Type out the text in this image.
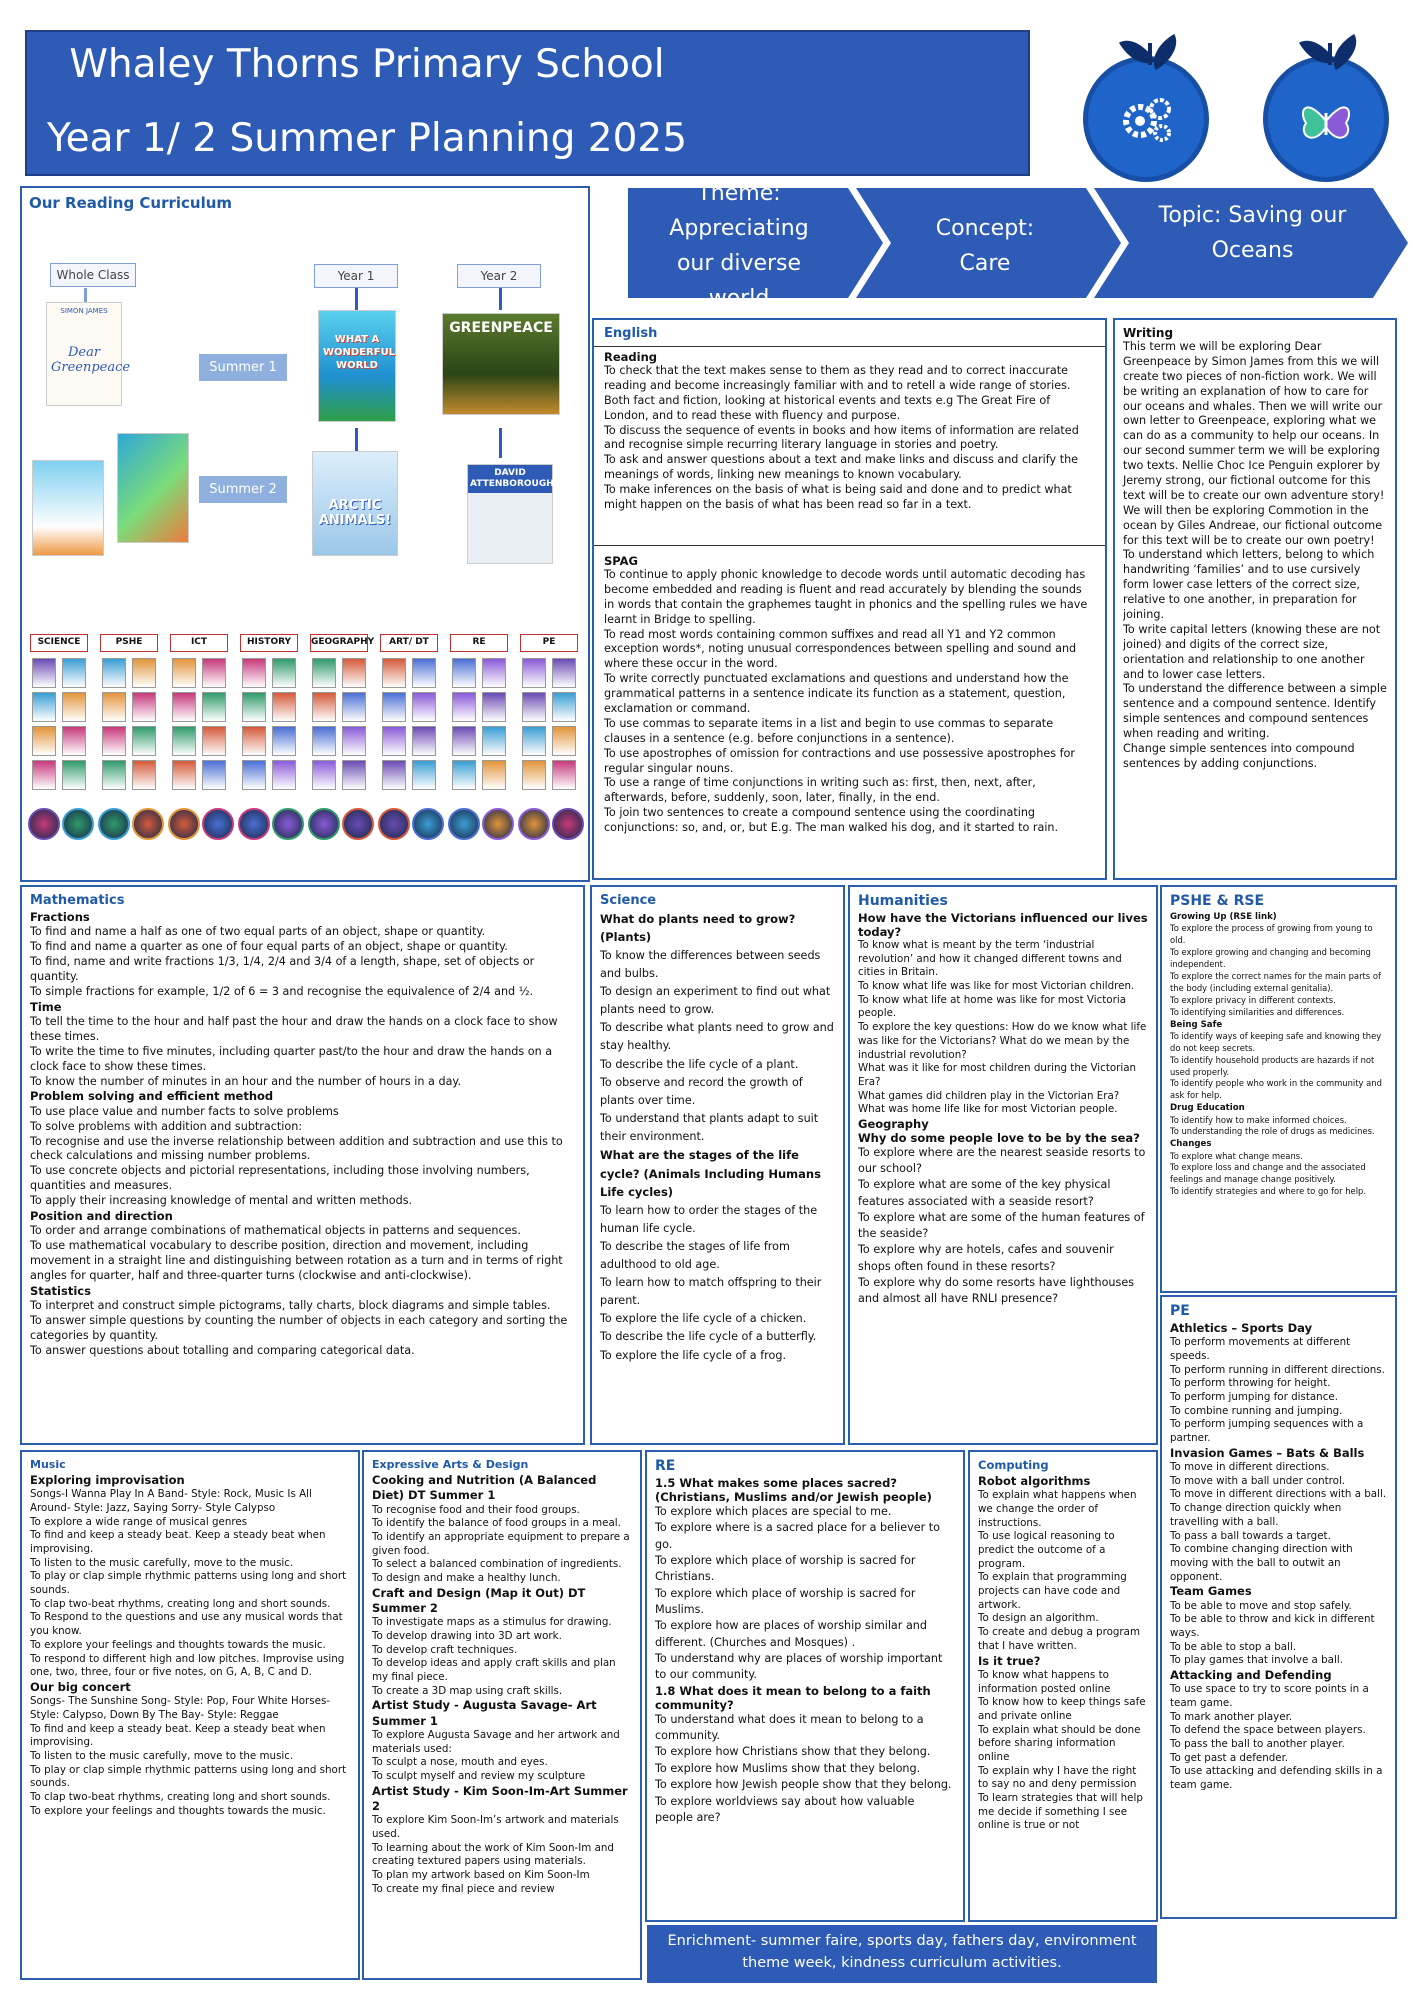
Whaley Thorns Primary School
Year 1/ 2 Summer Planning 2025
Theme: Appreciating our diverse world
Concept: Care
Topic: Saving our Oceans
Our Reading Curriculum
Whole Class	Year 1	Year 2
SIMON JAMES
Dear Greenpeace
GREENPEACE
WHAT A WONDERFUL WORLD
Summer 1
Summer 2
ARCTIC ANIMALS!
DAVID ATTENBOROUGH
SCIENCE	PSHE	ICT	HISTORY	GEOGRAPHY	ART/ DT	RE	PE
English
Reading
To check that the text makes sense to them as they read and to correct inaccurate reading and become increasingly familiar with and to retell a wide range of stories. Both fact and fiction, looking at historical events and texts e.g The Great Fire of London, and to read these with fluency and purpose.
To discuss the sequence of events in books and how items of information are related and recognise simple recurring literary language in stories and poetry.
To ask and answer questions about a text and make links and discuss and clarify the meanings of words, linking new meanings to known vocabulary.
To make inferences on the basis of what is being said and done and to predict what might happen on the basis of what has been read so far in a text.
SPAG
To continue to apply phonic knowledge to decode words until automatic decoding has become embedded and reading is fluent and read accurately by blending the sounds in words that contain the graphemes taught in phonics and the spelling rules we have learnt in Bridge to spelling.
To read most words containing common suffixes and read all Y1 and Y2 common exception words*, noting unusual correspondences between spelling and sound and where these occur in the word.
To write correctly punctuated exclamations and questions and understand how the grammatical patterns in a sentence indicate its function as a statement, question, exclamation or command.
To use commas to separate items in a list and begin to use commas to separate clauses in a sentence (e.g. before conjunctions in a sentence).
To use apostrophes of omission for contractions and use possessive apostrophes for regular singular nouns.
To use a range of time conjunctions in writing such as: first, then, next, after, afterwards, before, suddenly, soon, later, finally, in the end.
To join two sentences to create a compound sentence using the coordinating conjunctions: so, and, or, but E.g. The man walked his dog, and it started to rain.
Writing
This term we will be exploring Dear Greenpeace by Simon James from this we will create two pieces of non-fiction work. We will be writing an explanation of how to care for our oceans and whales. Then we will write our own letter to Greenpeace, exploring what we can do as a community to help our oceans. In our second summer term we will be exploring two texts. Nellie Choc Ice Penguin explorer by Jeremy strong, our fictional outcome for this text will be to create our own adventure story! We will then be exploring Commotion in the ocean by Giles Andreae, our fictional outcome for this text will be to create our own poetry!
To understand which letters, belong to which handwriting ‘families’ and to use cursively form lower case letters of the correct size, relative to one another, in preparation for joining.
To write capital letters (knowing these are not joined) and digits of the correct size, orientation and relationship to one another and to lower case letters.
To understand the difference between a simple sentence and a compound sentence. Identify simple sentences and compound sentences when reading and writing.
Change simple sentences into compound sentences by adding conjunctions.
Mathematics
Fractions
To find and name a half as one of two equal parts of an object, shape or quantity.
To find and name a quarter as one of four equal parts of an object, shape or quantity.
To find, name and write fractions 1/3, 1/4, 2/4 and 3/4 of a length, shape, set of objects or quantity.
To simple fractions for example, 1/2 of 6 = 3 and recognise the equivalence of 2/4 and ½.
Time
To tell the time to the hour and half past the hour and draw the hands on a clock face to show these times.
To write the time to five minutes, including quarter past/to the hour and draw the hands on a clock face to show these times.
To know the number of minutes in an hour and the number of hours in a day.
Problem solving and efficient method
To use place value and number facts to solve problems
To solve problems with addition and subtraction:
To recognise and use the inverse relationship between addition and subtraction and use this to check calculations and missing number problems.
To use concrete objects and pictorial representations, including those involving numbers, quantities and measures.
To apply their increasing knowledge of mental and written methods.
Position and direction
To order and arrange combinations of mathematical objects in patterns and sequences.
To use mathematical vocabulary to describe position, direction and movement, including movement in a straight line and distinguishing between rotation as a turn and in terms of right angles for quarter, half and three-quarter turns (clockwise and anti-clockwise).
Statistics
To interpret and construct simple pictograms, tally charts, block diagrams and simple tables.
To answer simple questions by counting the number of objects in each category and sorting the categories by quantity.
To answer questions about totalling and comparing categorical data.
Science
What do plants need to grow? (Plants)
To know the differences between seeds and bulbs.
To design an experiment to find out what plants need to grow.
To describe what plants need to grow and stay healthy.
To describe the life cycle of a plant.
To observe and record the growth of plants over time.
To understand that plants adapt to suit their environment.
What are the stages of the life cycle? (Animals Including Humans Life cycles)
To learn how to order the stages of the human life cycle.
To describe the stages of life from adulthood to old age.
To learn how to match offspring to their parent.
To explore the life cycle of a chicken.
To describe the life cycle of a butterfly.
To explore the life cycle of a frog.
Humanities
How have the Victorians influenced our lives today?
To know what is meant by the term ‘industrial revolution’ and how it changed different towns and cities in Britain.
To know what life was like for most Victorian children.
To know what life at home was like for most Victoria people.
To explore the key questions: How do we know what life was like for the Victorians? What do we mean by the industrial revolution?
What was it like for most children during the Victorian Era?
What games did children play in the Victorian Era?
What was home life like for most Victorian people.
Geography
Why do some people love to be by the sea?
To explore where are the nearest seaside resorts to our school?
To explore what are some of the key physical features associated with a seaside resort?
To explore what are some of the human features of the seaside?
To explore why are hotels, cafes and souvenir shops often found in these resorts?
To explore why do some resorts have lighthouses and almost all have RNLI presence?
PSHE & RSE
Growing Up (RSE link)
To explore the process of growing from young to old.
To explore growing and changing and becoming independent.
To explore the correct names for the main parts of the body (including external genitalia).
To explore privacy in different contexts.
To identifying similarities and differences.
Being Safe
To identify ways of keeping safe and knowing they do not keep secrets.
To identify household products are hazards if not used properly.
To identify people who work in the community and ask for help.
Drug Education
To identify how to make informed choices.
To understanding the role of drugs as medicines.
Changes
To explore what change means.
To explore loss and change and the associated feelings and manage change positively.
To identify strategies and where to go for help.
PE
Athletics – Sports Day
To perform movements at different speeds.
To perform running in different directions.
To perform throwing for height.
To perform jumping for distance.
To combine running and jumping.
To perform jumping sequences with a partner.
Invasion Games – Bats & Balls
To move in different directions.
To move with a ball under control.
To move in different directions with a ball.
To change direction quickly when travelling with a ball.
To pass a ball towards a target.
To combine changing direction with moving with the ball to outwit an opponent.
Team Games
To be able to move and stop safely.
To be able to throw and kick in different ways.
To be able to stop a ball.
To play games that involve a ball.
Attacking and Defending
To use space to try to score points in a team game.
To mark another player.
To defend the space between players.
To pass the ball to another player.
To get past a defender.
To use attacking and defending skills in a team game.
Music
Exploring improvisation
Songs-I Wanna Play In A Band- Style: Rock, Music Is All Around- Style: Jazz, Saying Sorry- Style Calypso
To explore a wide range of musical genres
To find and keep a steady beat. Keep a steady beat when improvising.
To listen to the music carefully, move to the music.
To play or clap simple rhythmic patterns using long and short sounds.
To clap two-beat rhythms, creating long and short sounds.
To Respond to the questions and use any musical words that you know.
To explore your feelings and thoughts towards the music.
To respond to different high and low pitches. Improvise using one, two, three, four or five notes, on G, A, B, C and D.
Our big concert
Songs- The Sunshine Song- Style: Pop, Four White Horses- Style: Calypso, Down By The Bay- Style: Reggae
To find and keep a steady beat. Keep a steady beat when improvising.
To listen to the music carefully, move to the music.
To play or clap simple rhythmic patterns using long and short sounds.
To clap two-beat rhythms, creating long and short sounds.
To explore your feelings and thoughts towards the music.
Expressive Arts & Design
Cooking and Nutrition (A Balanced Diet) DT Summer 1
To recognise food and their food groups.
To identify the balance of food groups in a meal.
To identify an appropriate equipment to prepare a given food.
To select a balanced combination of ingredients.
To design and make a healthy lunch.
Craft and Design (Map it Out) DT Summer 2
To investigate maps as a stimulus for drawing.
To develop drawing into 3D art work.
To develop craft techniques.
To develop ideas and apply craft skills and plan my final piece.
To create a 3D map using craft skills.
Artist Study - Augusta Savage- Art Summer 1
To explore Augusta Savage and her artwork and materials used:
To sculpt a nose, mouth and eyes.
To sculpt myself and review my sculpture
Artist Study - Kim Soon-Im-Art Summer 2
To explore Kim Soon-Im’s artwork and materials used.
To learning about the work of Kim Soon-Im and creating textured papers using materials.
To plan my artwork based on Kim Soon-Im
To create my final piece and review
RE
1.5 What makes some places sacred? (Christians, Muslims and/or Jewish people)
To explore which places are special to me.
To explore where is a sacred place for a believer to go.
To explore which place of worship is sacred for Christians.
To explore which place of worship is sacred for Muslims.
To explore how are places of worship similar and different. (Churches and Mosques) .
To understand why are places of worship important to our community.
1.8 What does it mean to belong to a faith community?
To understand what does it mean to belong to a community.
To explore how Christians show that they belong.
To explore how Muslims show that they belong.
To explore how Jewish people show that they belong.
To explore worldviews say about how valuable people are?
Computing
Robot algorithms
To explain what happens when we change the order of instructions.
To use logical reasoning to predict the outcome of a program.
To explain that programming projects can have code and artwork.
To design an algorithm.
To create and debug a program that I have written.
Is it true?
To know what happens to information posted online
To know how to keep things safe and private online
To explain what should be done before sharing information online
To explain why I have the right to say no and deny permission
To learn strategies that will help me decide if something I see online is true or not
Enrichment- summer faire, sports day, fathers day, environment theme week, kindness curriculum activities.
